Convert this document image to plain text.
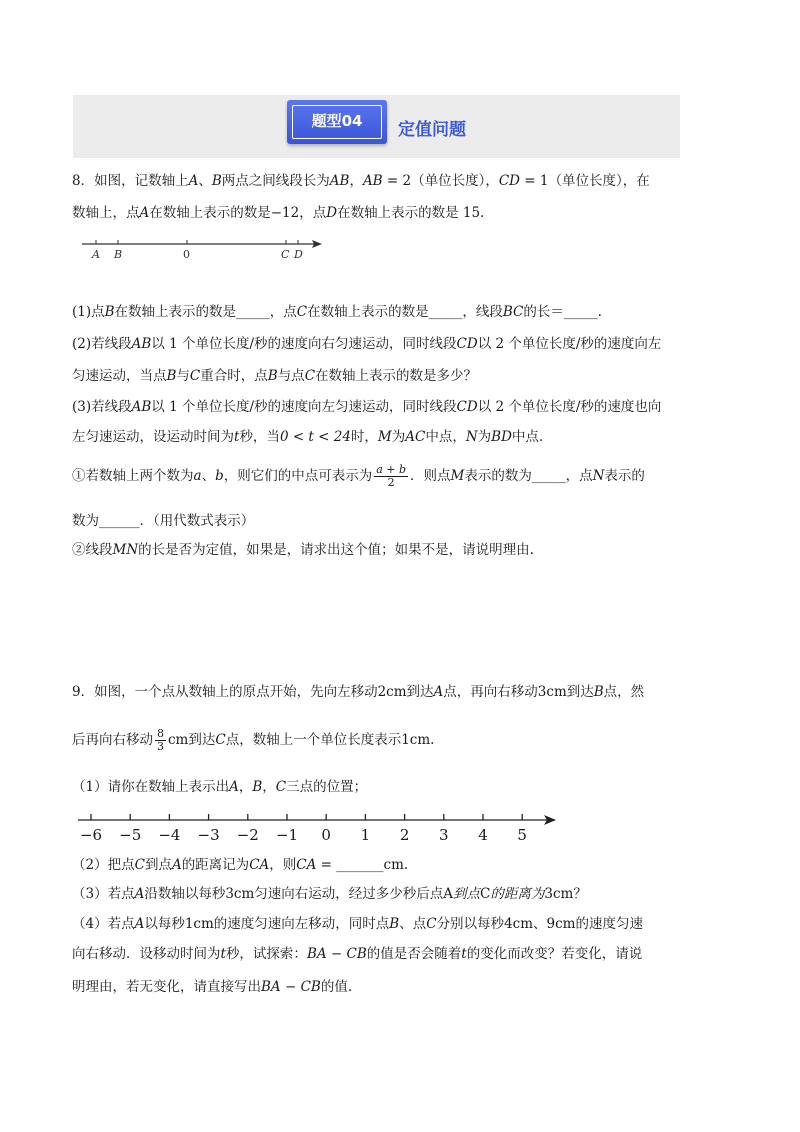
题型04	定值问题
8．如图，记数轴上A、B两点之间线段长为AB，AB = 2（单位长度），CD = 1（单位长度），在
数轴上，点A在数轴上表示的数是−12，点D在数轴上表示的数是 15.
A B	0	C D
(1)点B在数轴上表示的数是_____，点C在数轴上表示的数是_____，线段BC的长＝_____.
(2)若线段AB以 1 个单位长度/秒的速度向右匀速运动，同时线段CD以 2 个单位长度/秒的速度向左
匀速运动，当点B与C重合时，点B与点C在数轴上表示的数是多少？
(3)若线段AB以 1 个单位长度/秒的速度向左匀速运动，同时线段CD以 2 个单位长度/秒的速度也向
左匀速运动，设运动时间为t秒，当0 < t < 24时，M为AC中点，N为BD中点.
①若数轴上两个数为a、b，则它们的中点可表示为 $\frac{a + b}{2}$ ．则点M表示的数为_____，点N表示的
数为______．（用代数式表示）
②线段MN的长是否为定值，如果是，请求出这个值；如果不是，请说明理由.
9．如图，一个点从数轴上的原点开始，先向左移动2cm到达A点，再向右移动3cm到达B点，然
后再向右移动 $\frac{8}{3}$ cm到达C点，数轴上一个单位长度表示1cm.
（1）请你在数轴上表示出A，B，C三点的位置；
−6 −5 −4 −3 −2 −1 0 1 2 3 4 5
（2）把点C到点A的距离记为CA，则CA = _______cm.
（3）若点A沿数轴以每秒3cm匀速向右运动，经过多少秒后点A到点C的距离为3cm？
（4）若点A以每秒1cm的速度匀速向左移动，同时点B、点C分别以每秒4cm、9cm的速度匀速
向右移动．设移动时间为t秒，试探索：BA − CB的值是否会随着t的变化而改变？若变化，请说
明理由，若无变化，请直接写出BA − CB的值.
